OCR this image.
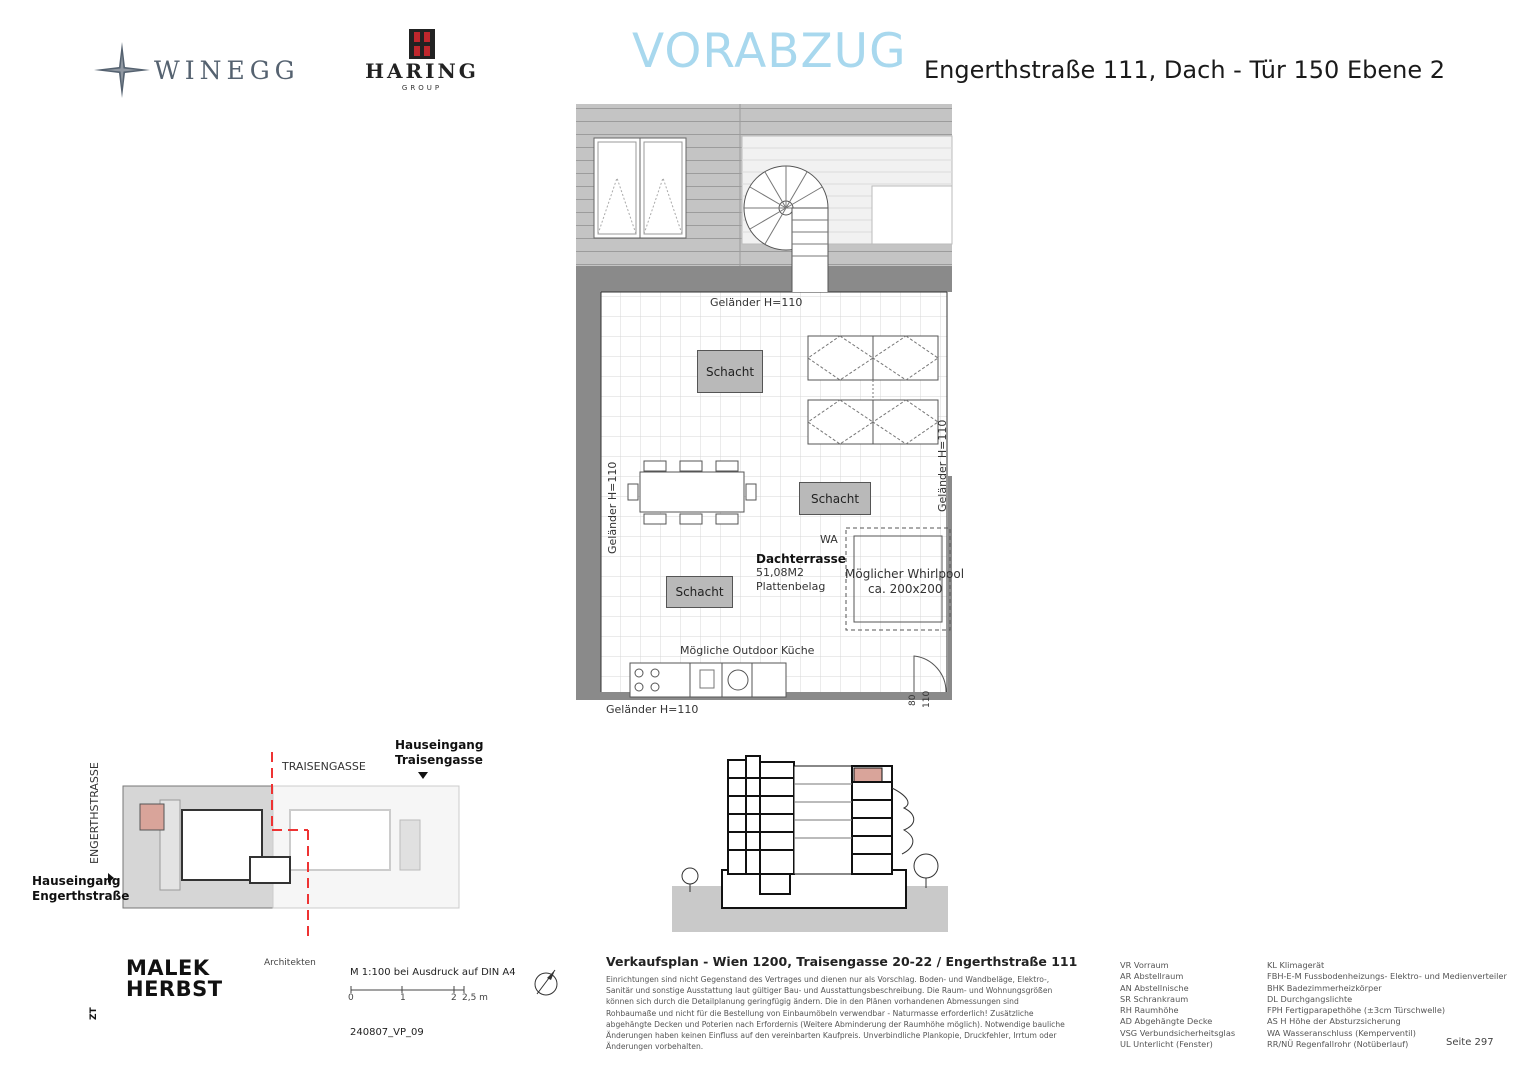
WINEGG	HARING
GROUP
VORABZUG Engerthstraße 111, Dach - Tür 150 Ebene 2
Geländer H=110
Geländer H=110	Geländer H=110
Geländer H=110
Schacht
Schacht
Schacht
WA
Dachterrasse
51,08M2
Plattenbelag
Möglicher Whirlpool
ca. 200x200
Mögliche Outdoor Küche
80 110
TRAISENGASSE
ENGERTHSTRASSE
Hauseingang
Traisengasse
Hauseingang
Engerthstraße
MALEK
HERBST
Architekten
ZT
M 1:100 bei Ausdruck auf DIN A4
0	1	2 2,5 m
240807_VP_09
Verkaufsplan - Wien 1200, Traisengasse 20-22 / Engerthstraße 111
Einrichtungen sind nicht Gegenstand des Vertrages und dienen nur als Vorschlag. Boden- und Wandbeläge, Elektro-, Sanitär und sonstige Ausstattung laut gültiger Bau- und Ausstattungsbeschreibung. Die Raum- und Wohnungsgrößen können sich durch die Detailplanung geringfügig ändern. Die in den Plänen vorhandenen Abmessungen sind Rohbaumaße und nicht für die Bestellung von Einbaumöbeln verwendbar - Naturmasse erforderlich! Zusätzliche abgehängte Decken und Poterien nach Erfordernis (Weitere Abminderung der Raumhöhe möglich). Notwendige bauliche Änderungen haben keinen Einfluss auf den vereinbarten Kaufpreis. Unverbindliche Plankopie, Druckfehler, Irrtum oder Änderungen vorbehalten.
VR Vorraum
AR Abstellraum
AN Abstellnische
SR Schrankraum
RH Raumhöhe
AD Abgehängte Decke
VSG Verbundsicherheitsglas
UL Unterlicht (Fenster)
KL Klimagerät
FBH-E-M Fussbodenheizungs- Elektro- und Medienverteiler
BHK Badezimmerheizkörper
DL Durchgangslichte
FPH Fertigparapethöhe (±3cm Türschwelle)
AS H Höhe der Absturzsicherung
WA Wasseranschluss (Kemperventil)
RR/NÜ Regenfallrohr (Notüberlauf)	Seite 297
